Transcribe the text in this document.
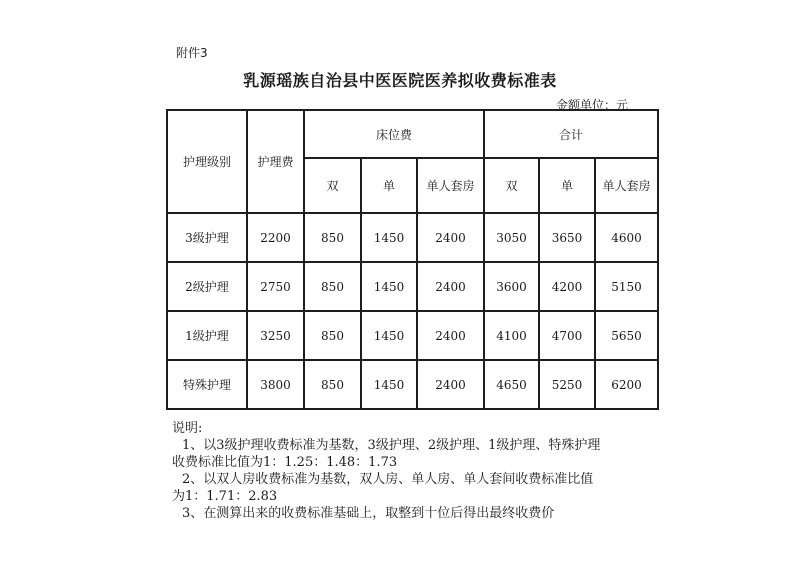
附件3
乳源瑶族自治县中医医院医养拟收费标准表
金额单位：元
护理级别	护理费	床位费			合计		
		双	单	单人套房	双	单	单人套房
3级护理	2200	850	1450	2400	3050	3650	4600
2级护理	2750	850	1450	2400	3600	4200	5150
1级护理	3250	850	1450	2400	4100	4700	5650
特殊护理	3800	850	1450	2400	4650	5250	6200
说明:
1、以3级护理收费标准为基数，3级护理、2级护理、1级护理、特殊护理
收费标准比值为1：1.25：1.48：1.73
2、以双人房收费标准为基数，双人房、单人房、单人套间收费标准比值
为1：1.71：2.83
3、在测算出来的收费标准基础上，取整到十位后得出最终收费价
